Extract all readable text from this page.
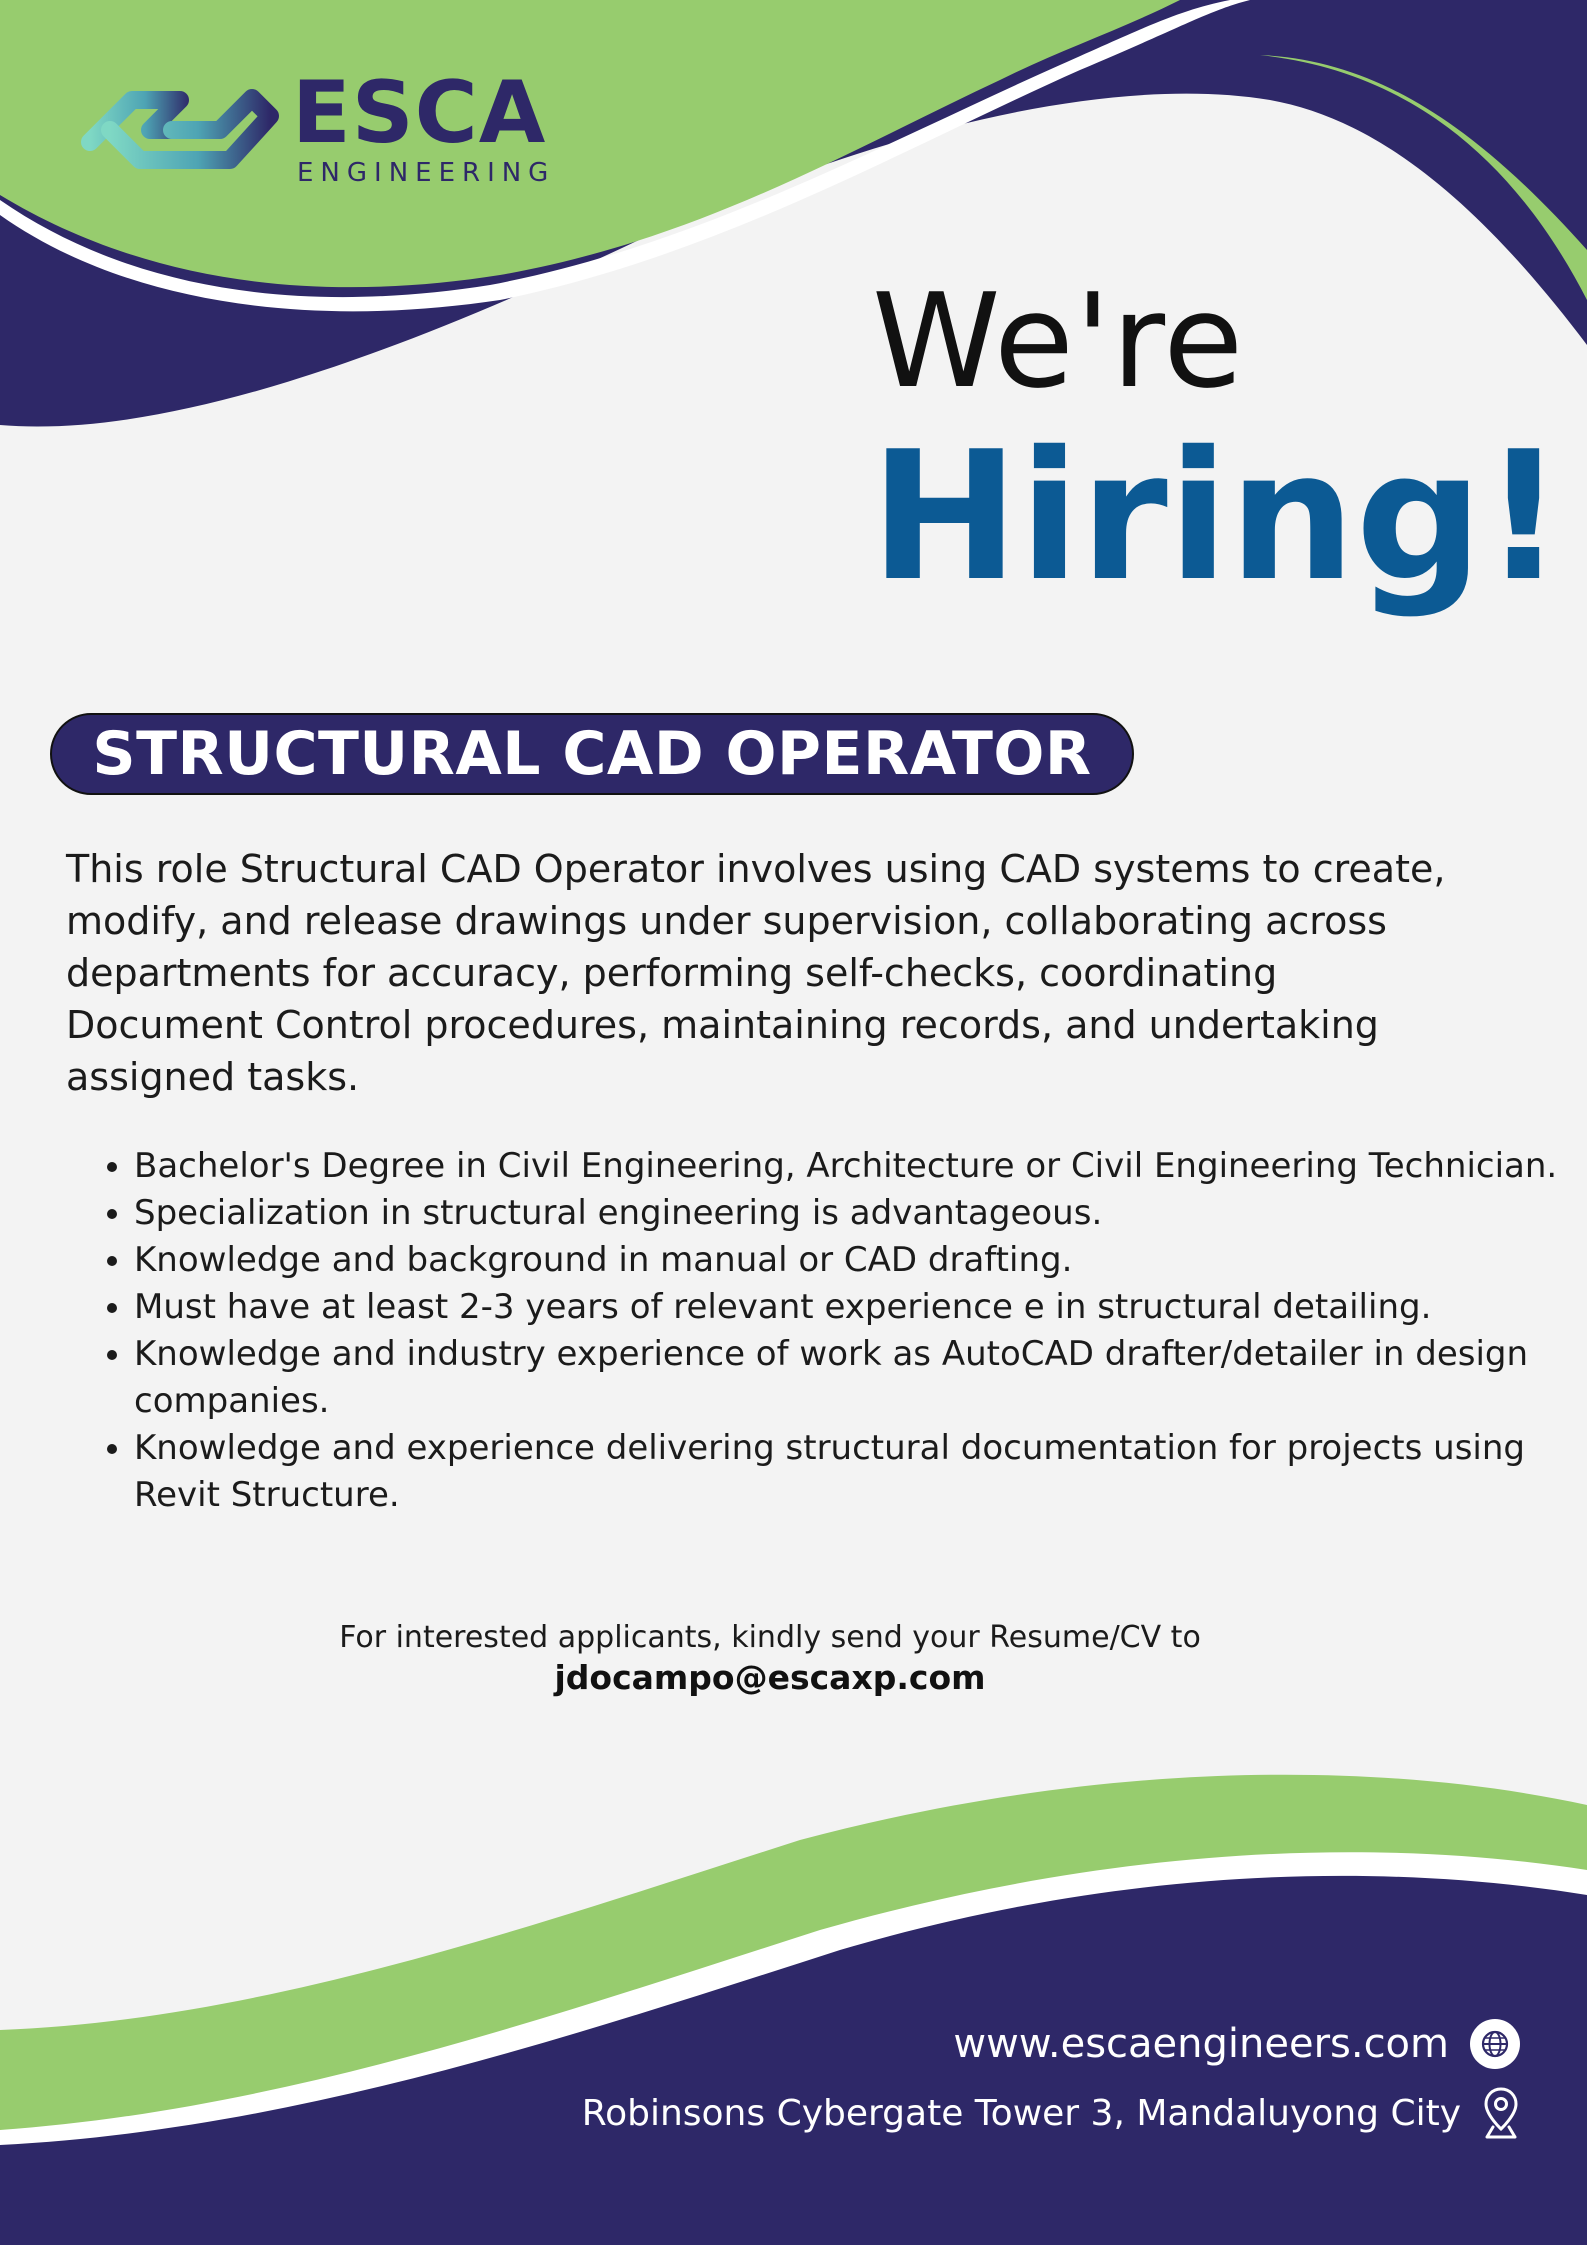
ESCA
ENGINEERING
We're
Hiring!
STRUCTURAL CAD OPERATOR

This role Structural CAD Operator involves using CAD systems to create, modify, and release drawings under supervision, collaborating across departments for accuracy, performing self-checks, coordinating Document Control procedures, maintaining records, and undertaking assigned tasks.

• Bachelor's Degree in Civil Engineering, Architecture or Civil Engineering Technician.
• Specialization in structural engineering is advantageous.
• Knowledge and background in manual or CAD drafting.
• Must have at least 2-3 years of relevant experience e in structural detailing.
• Knowledge and industry experience of work as AutoCAD drafter/detailer in design companies.
• Knowledge and experience delivering structural documentation for projects using Revit Structure.
For interested applicants, kindly send your Resume/CV to
jdocampo@escaxp.com
www.escaengineers.com
Robinsons Cybergate Tower 3, Mandaluyong City
